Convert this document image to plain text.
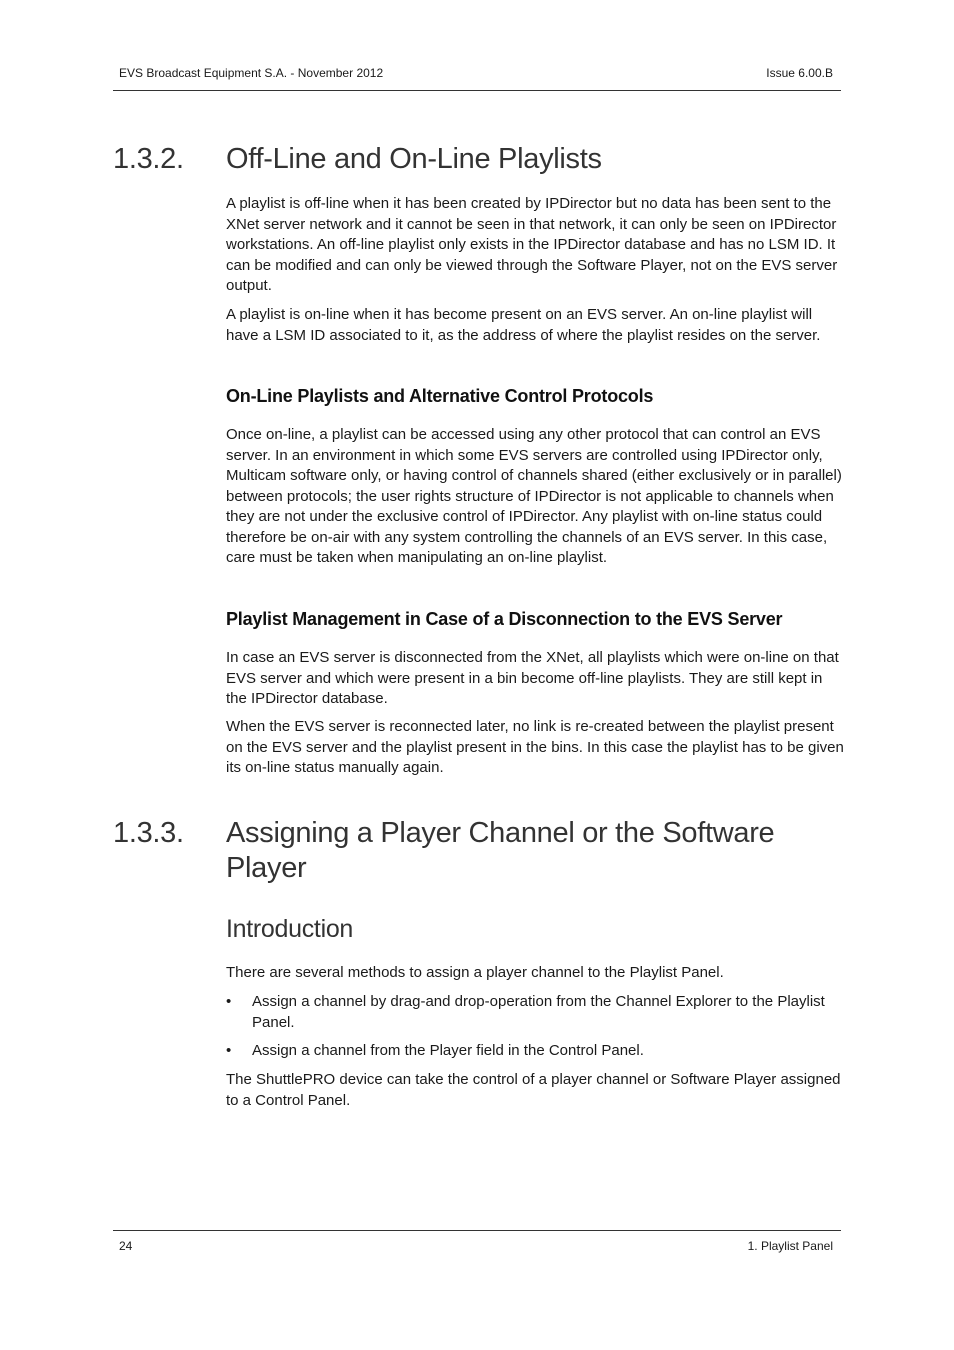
EVS Broadcast Equipment S.A. - November 2012	Issue 6.00.B
1.3.2. Off-Line and On-Line Playlists

A playlist is off-line when it has been created by IPDirector but no data has been sent to the XNet server network and it cannot be seen in that network, it can only be seen on IPDirector workstations. An off-line playlist only exists in the IPDirector database and has no LSM ID. It can be modified and can only be viewed through the Software Player, not on the EVS server output.

A playlist is on-line when it has become present on an EVS server. An on-line playlist will have a LSM ID associated to it, as the address of where the playlist resides on the server.

On-Line Playlists and Alternative Control Protocols

Once on-line, a playlist can be accessed using any other protocol that can control an EVS server. In an environment in which some EVS servers are controlled using IPDirector only, Multicam software only, or having control of channels shared (either exclusively or in parallel) between protocols; the user rights structure of IPDirector is not applicable to channels when they are not under the exclusive control of IPDirector. Any playlist with on-line status could therefore be on-air with any system controlling the channels of an EVS server. In this case, care must be taken when manipulating an on-line playlist.

Playlist Management in Case of a Disconnection to the EVS Server

In case an EVS server is disconnected from the XNet, all playlists which were on-line on that EVS server and which were present in a bin become off-line playlists. They are still kept in the IPDirector database.

When the EVS server is reconnected later, no link is re-created between the playlist present on the EVS server and the playlist present in the bins. In this case the playlist has to be given its on-line status manually again.

1.3.3. Assigning a Player Channel or the Software Player
Introduction

There are several methods to assign a player channel to the Playlist Panel.

• Assign a channel by drag-and drop-operation from the Channel Explorer to the Playlist Panel.
• Assign a channel from the Player field in the Control Panel.

The ShuttlePRO device can take the control of a player channel or Software Player assigned to a Control Panel.

24	1. Playlist Panel
